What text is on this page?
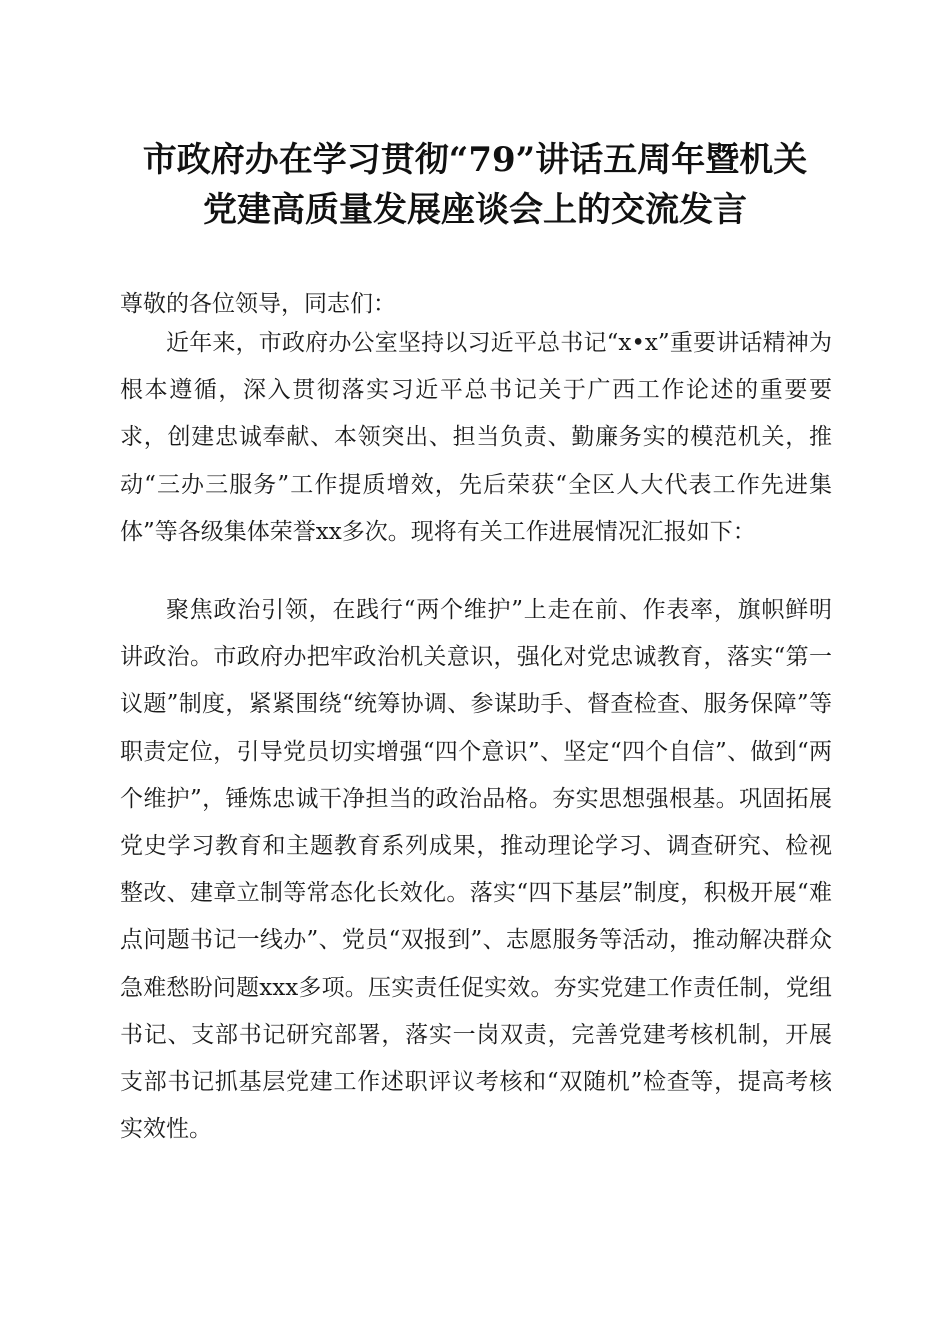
市政府办在学习贯彻“79”讲话五周年暨机关
党建高质量发展座谈会上的交流发言
尊敬的各位领导，同志们：

近年来，市政府办公室坚持以习近平总书记“x•x”重要讲话精神为根本遵循，深入贯彻落实习近平总书记关于广西工作论述的重要要求，创建忠诚奉献、本领突出、担当负责、勤廉务实的模范机关，推动“三办三服务”工作提质增效，先后荣获“全区人大代表工作先进集体”等各级集体荣誉xx多次。现将有关工作进展情况汇报如下：

聚焦政治引领，在践行“两个维护”上走在前、作表率，旗帜鲜明讲政治。市政府办把牢政治机关意识，强化对党忠诚教育，落实“第一议题”制度，紧紧围绕“统筹协调、参谋助手、督查检查、服务保障”等职责定位，引导党员切实增强“四个意识”、坚定“四个自信”、做到“两个维护”，锤炼忠诚干净担当的政治品格。夯实思想强根基。巩固拓展党史学习教育和主题教育系列成果，推动理论学习、调查研究、检视整改、建章立制等常态化长效化。落实“四下基层”制度，积极开展“难点问题书记一线办”、党员“双报到”、志愿服务等活动，推动解决群众急难愁盼问题xxx多项。压实责任促实效。夯实党建工作责任制，党组书记、支部书记研究部署，落实一岗双责，完善党建考核机制，开展支部书记抓基层党建工作述职评议考核和“双随机”检查等，提高考核实效性。
